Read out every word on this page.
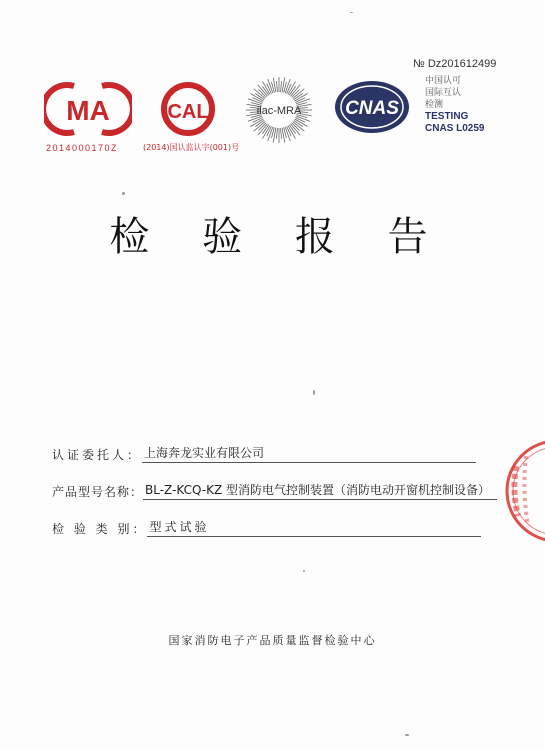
№ Dz201612499
MA
2014000170Z
CAL
(2014)国认监认字(001)号
ilac-MRA CNAS
中国认可
国际互认
检测
TESTING
CNAS L0259
检 验 报 告
认证委托人： 上海奔龙实业有限公司
产品型号名称： BL-Z-KCQ-KZ 型消防电气控制装置（消防电动开窗机控制设备）
检 验 类 别： 型式试验
国家消防电子产品质量监督检验中心
